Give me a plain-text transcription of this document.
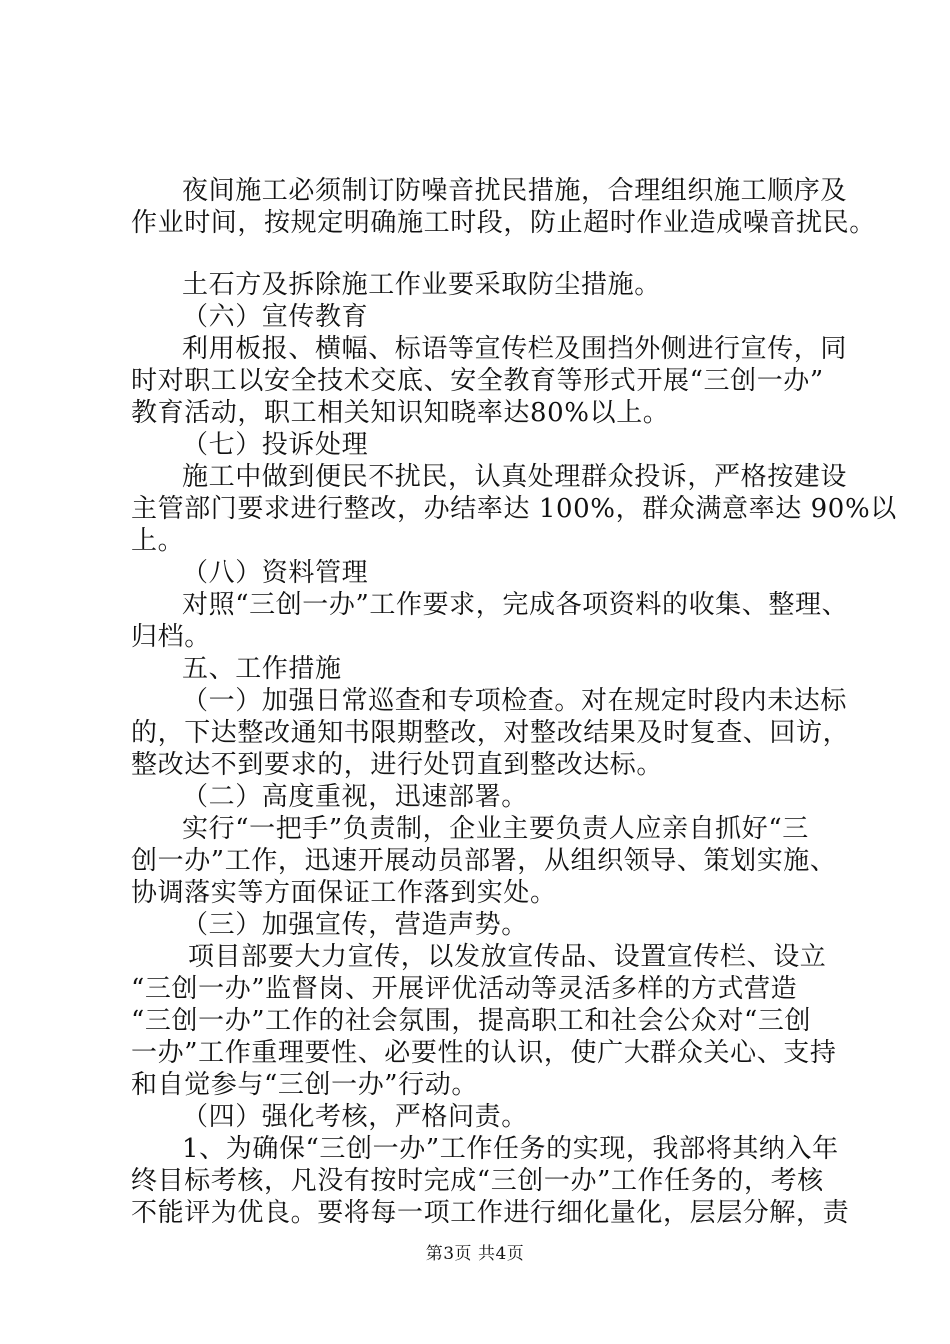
夜间施工必须制订防噪音扰民措施，合理组织施工顺序及
作业时间，按规定明确施工时段，防止超时作业造成噪音扰民。
土石方及拆除施工作业要采取防尘措施。
（六）宣传教育
利用板报、横幅、标语等宣传栏及围挡外侧进行宣传，同
时对职工以安全技术交底、安全教育等形式开展“三创一办”
教育活动，职工相关知识知晓率达80%以上。
（七）投诉处理
施工中做到便民不扰民，认真处理群众投诉，严格按建设
主管部门要求进行整改，办结率达 100%，群众满意率达 90%以
上。
（八）资料管理
对照“三创一办”工作要求，完成各项资料的收集、整理、
归档。
五、工作措施
（一）加强日常巡查和专项检查。对在规定时段内未达标
的，下达整改通知书限期整改，对整改结果及时复查、回访，
整改达不到要求的，进行处罚直到整改达标。
（二）高度重视，迅速部署。
实行“一把手”负责制，企业主要负责人应亲自抓好“三
创一办”工作，迅速开展动员部署，从组织领导、策划实施、
协调落实等方面保证工作落到实处。
（三）加强宣传，营造声势。
项目部要大力宣传，以发放宣传品、设置宣传栏、设立
“三创一办”监督岗、开展评优活动等灵活多样的方式营造
“三创一办”工作的社会氛围，提高职工和社会公众对“三创
一办”工作重理要性、必要性的认识，使广大群众关心、支持
和自觉参与“三创一办”行动。
（四）强化考核，严格问责。
1、为确保“三创一办”工作任务的实现，我部将其纳入年
终目标考核，凡没有按时完成“三创一办”工作任务的，考核
不能评为优良。要将每一项工作进行细化量化，层层分解，责
第3页 共4页
